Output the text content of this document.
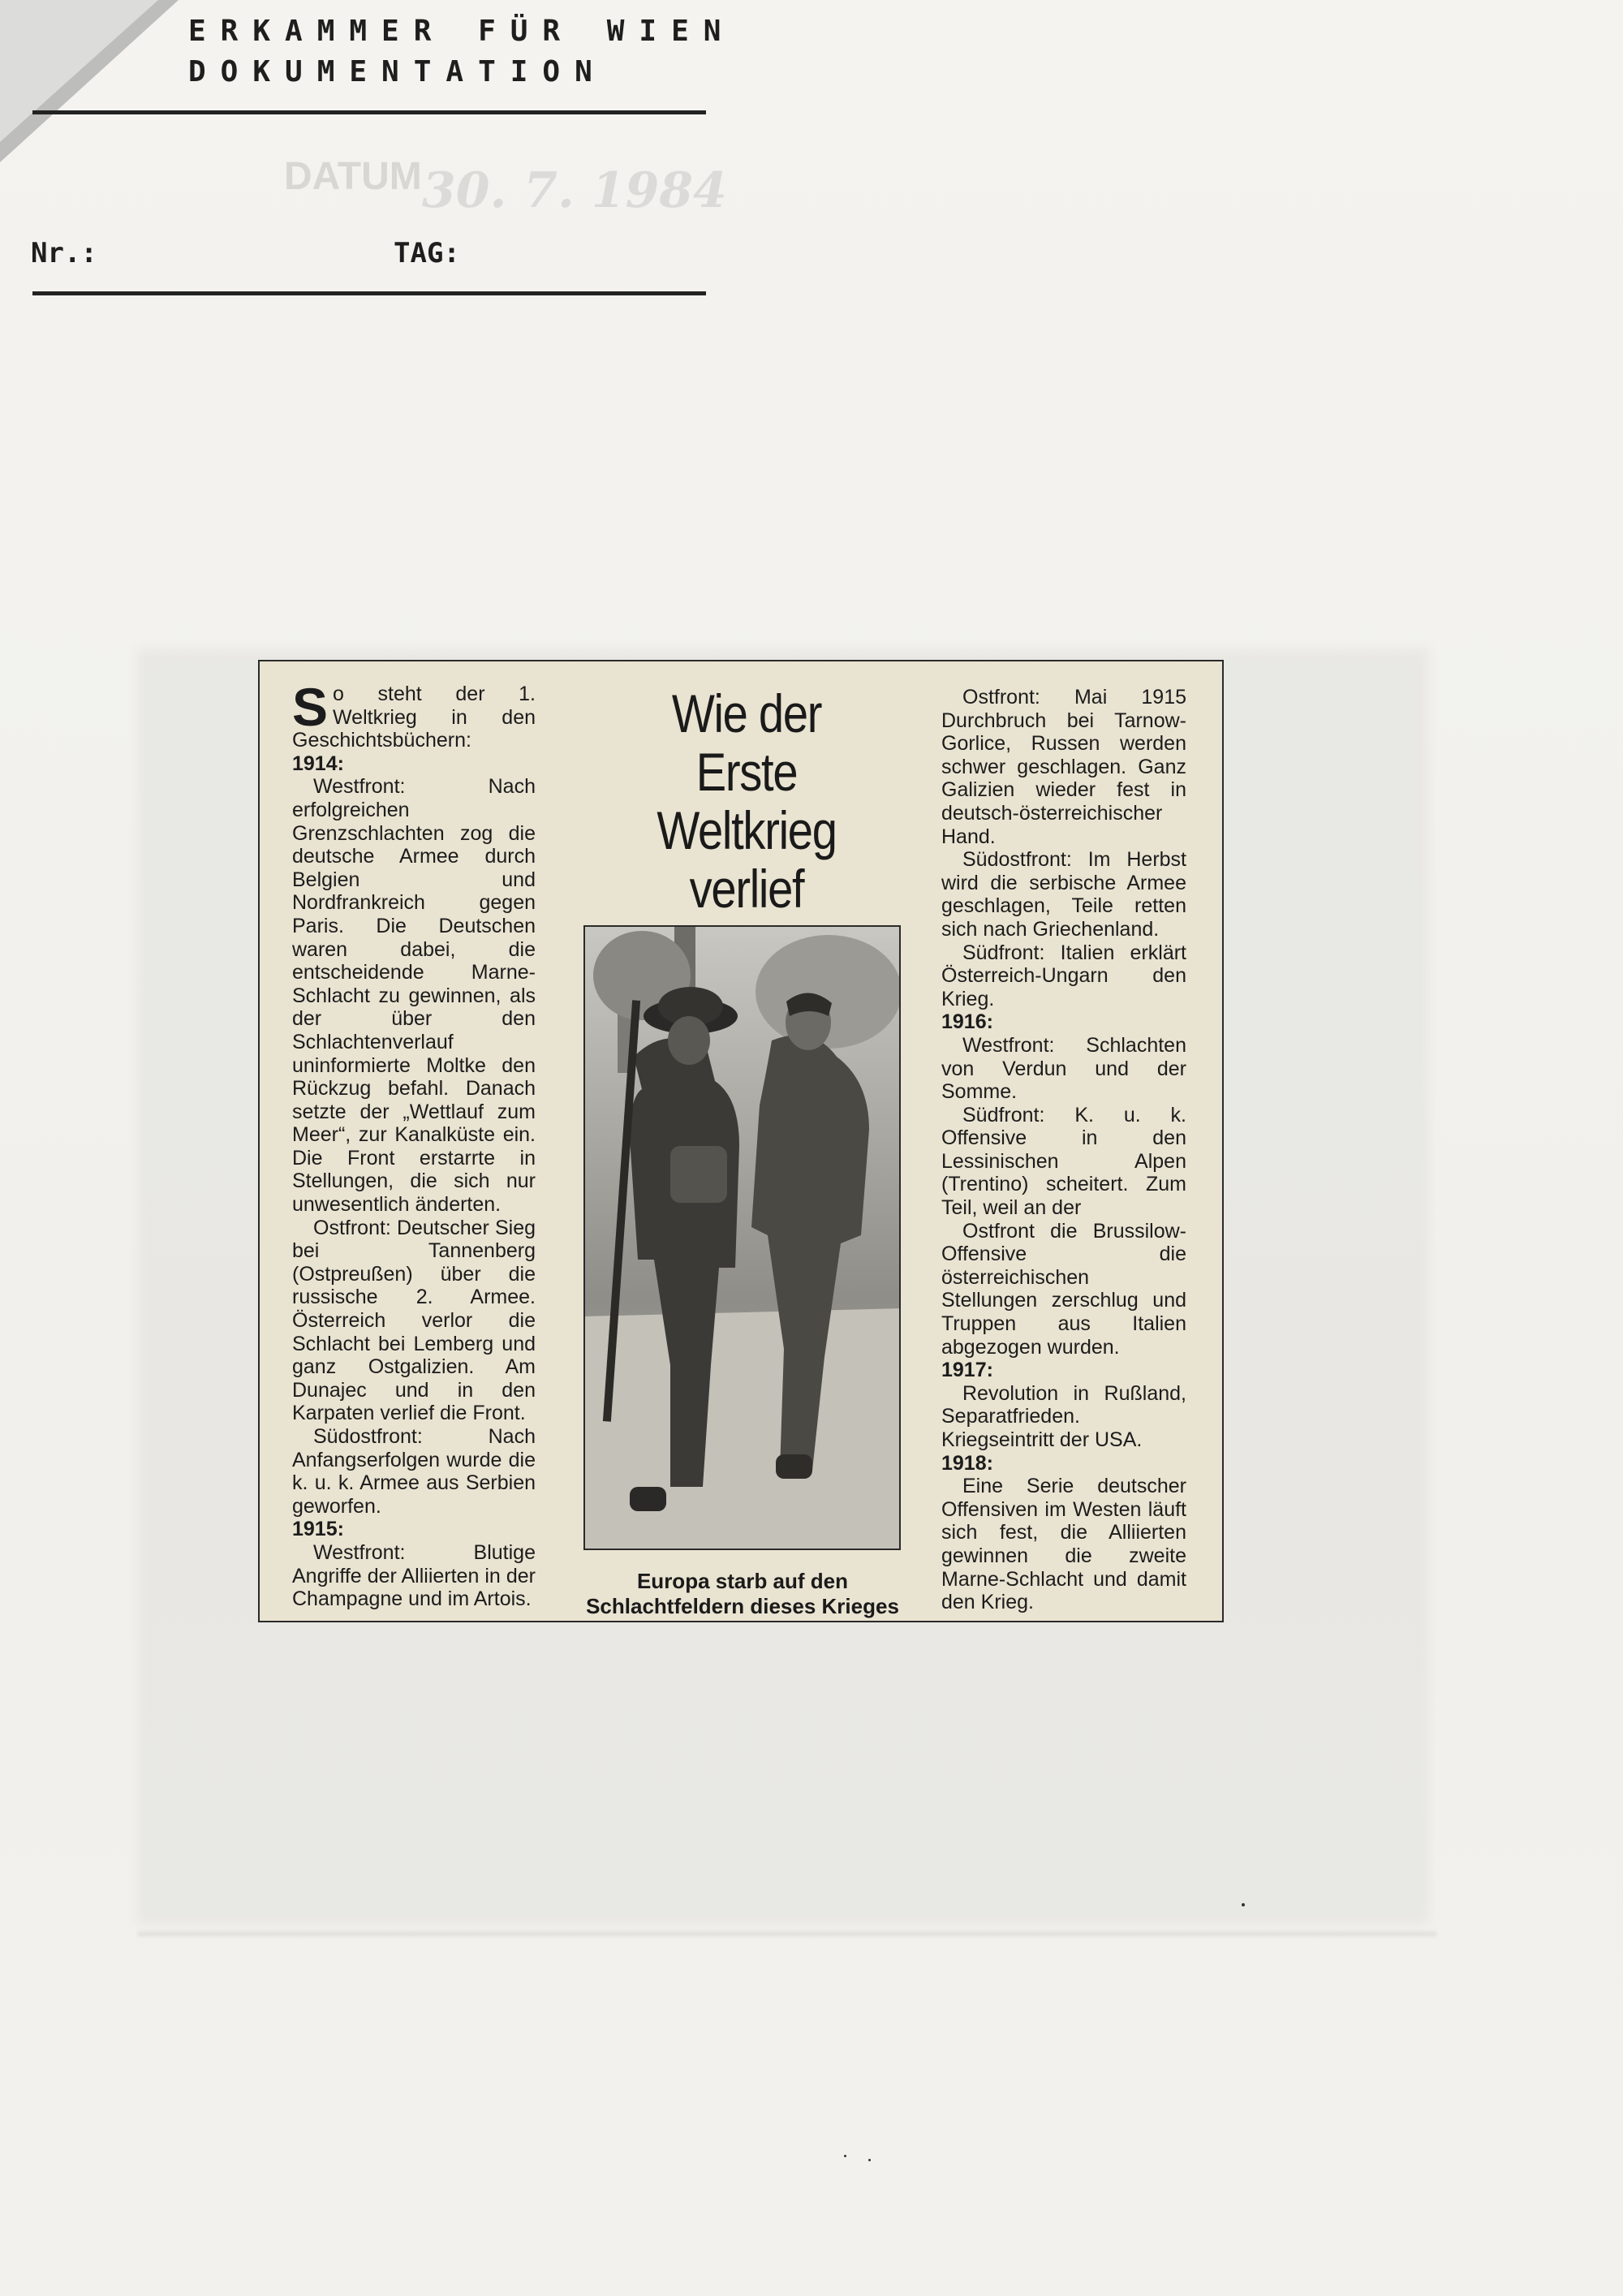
ERKAMMER FÜR WIEN
DOKUMENTATION
DATUM 30. 7. 1984
Nr.:	TAG:

So steht der 1. Weltkrieg in den Geschichtsbüchern:

1914:

Westfront: Nach erfolgreichen Grenzschlachten zog die deutsche Armee durch Belgien und Nordfrankreich gegen Paris. Die Deutschen waren dabei, die entscheidende Marne-Schlacht zu gewinnen, als der über den Schlachtenverlauf uninformierte Moltke den Rückzug befahl. Danach setzte der „Wettlauf zum Meer“, zur Kanalküste ein. Die Front erstarrte in Stellungen, die sich nur unwesentlich änderten.

Ostfront: Deutscher Sieg bei Tannenberg (Ostpreußen) über die russische 2. Armee. Österreich verlor die Schlacht bei Lemberg und ganz Ostgalizien. Am Dunajec und in den Karpaten verlief die Front.

Südostfront: Nach Anfangserfolgen wurde die k. u. k. Armee aus Serbien geworfen.

1915:

Westfront: Blutige Angriffe der Alliierten in der Champagne und im Artois.

Wie der
Erste
Weltkrieg
verlief
Europa starb auf den Schlachtfeldern dieses Krieges

Ostfront: Mai 1915 Durchbruch bei Tarnow-Gorlice, Russen werden schwer geschlagen. Ganz Galizien wieder fest in deutsch-österreichischer Hand.

Südostfront: Im Herbst wird die serbische Armee geschlagen, Teile retten sich nach Griechenland.

Südfront: Italien erklärt Österreich-Ungarn den Krieg.

1916:

Westfront: Schlachten von Verdun und der Somme.

Südfront: K. u. k. Offensive in den Lessinischen Alpen (Trentino) scheitert. Zum Teil, weil an der

Ostfront die Brussilow-Offensive die österreichischen Stellungen zerschlug und Truppen aus Italien abgezogen wurden.

1917:

Revolution in Rußland, Separatfrieden. Kriegseintritt der USA.

1918:

Eine Serie deutscher Offensiven im Westen läuft sich fest, die Alliierten gewinnen die zweite Marne-Schlacht und damit den Krieg.
